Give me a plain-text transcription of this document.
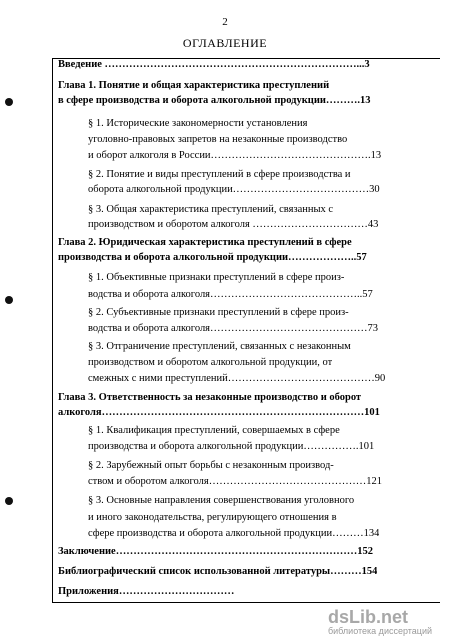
2
ОГЛАВЛЕНИЕ
Введение ………………………………………………………………...3
Глава 1. Понятие и общая характеристика преступлений
в сфере производства и оборота алкогольной продукции……….13
§ 1. Исторические закономерности установления
уголовно-правовых запретов на незаконные производство
и оборот алкоголя в России……………………………………….13
§ 2. Понятие и виды преступлений в сфере производства и
оборота алкогольной продукции…………………………………30
§ 3. Общая характеристика преступлений, связанных с
производством и оборотом алкоголя ……………………………43
Глава 2. Юридическая характеристика преступлений в сфере
производства и оборота алкогольной продукции………………..57
§ 1. Объективные признаки преступлений в сфере произ-
водства и оборота алкоголя……………………………………..57
§ 2. Субъективные признаки преступлений в сфере произ-
водства и оборота алкоголя………………………………………73
§ 3. Отграничение преступлений, связанных с незаконным
производством и оборотом алкогольной продукции, от
смежных с ними преступлений……………………………………90
Глава 3. Ответственность за незаконные производство и оборот
алкоголя…………………………………………………………………101
§ 1. Квалификация преступлений, совершаемых в сфере
производства и оборота алкогольной продукции…………….101
§ 2. Зарубежный опыт борьбы с незаконным производ-
ством и оборотом алкоголя………………………………………121
§ 3. Основные направления совершенствования уголовного
и иного законодательства, регулирующего отношения в
сфере производства и оборота алкогольной продукции………134
Заключение……………………………………………………………152
Библиографический список использованной литературы………154
Приложения……………………………
dsLib.net
библиотека диссертаций
